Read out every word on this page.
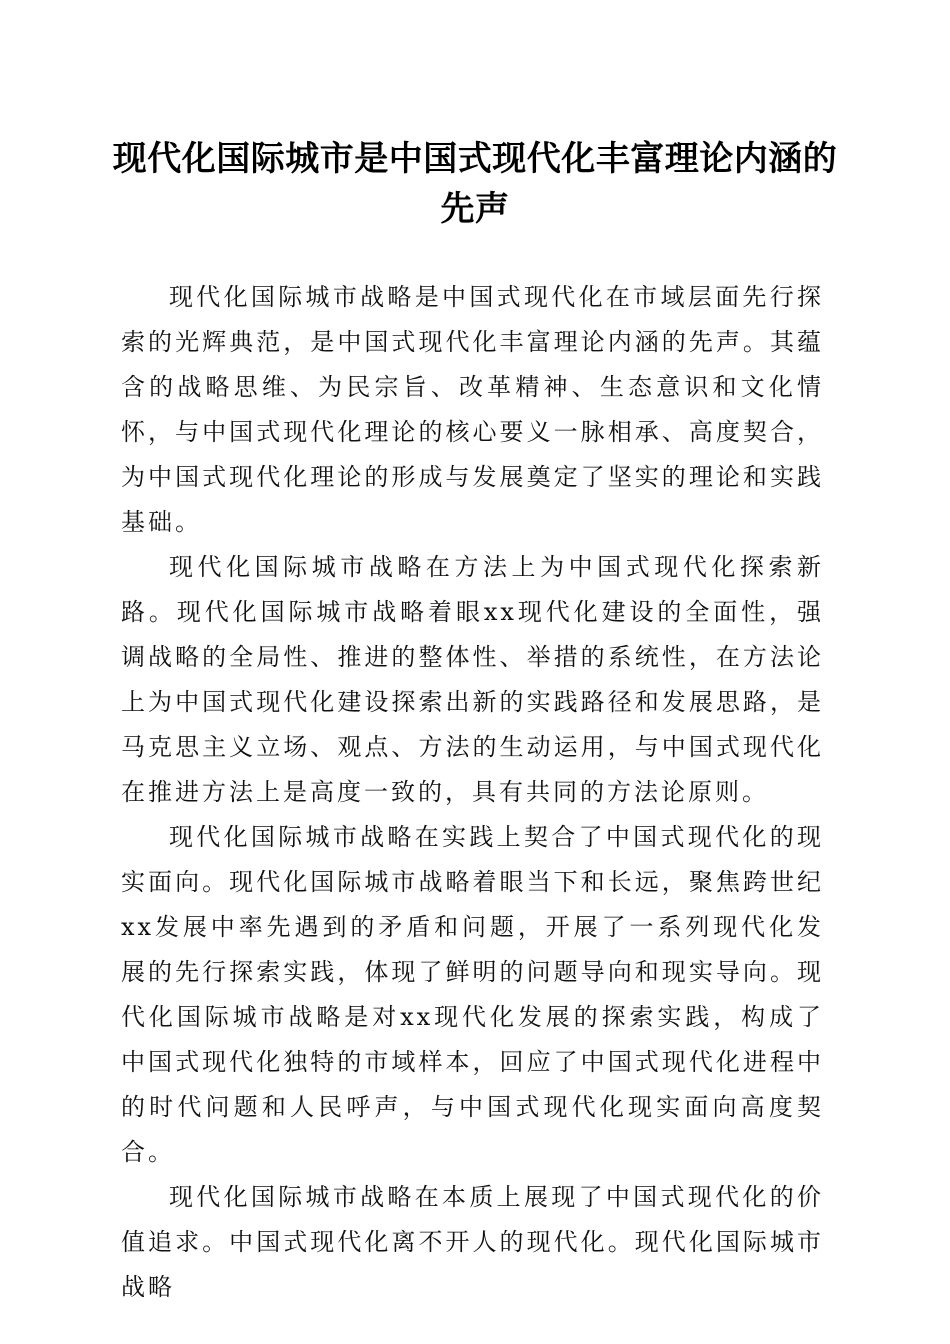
现代化国际城市是中国式现代化丰富理论内涵的先声

现代化国际城市战略是中国式现代化在市域层面先行探索的光辉典范，是中国式现代化丰富理论内涵的先声。其蕴含的战略思维、为民宗旨、改革精神、生态意识和文化情怀，与中国式现代化理论的核心要义一脉相承、高度契合，为中国式现代化理论的形成与发展奠定了坚实的理论和实践基础。

现代化国际城市战略在方法上为中国式现代化探索新路。现代化国际城市战略着眼xx现代化建设的全面性，强调战略的全局性、推进的整体性、举措的系统性，在方法论上为中国式现代化建设探索出新的实践路径和发展思路，是马克思主义立场、观点、方法的生动运用，与中国式现代化在推进方法上是高度一致的，具有共同的方法论原则。

现代化国际城市战略在实践上契合了中国式现代化的现实面向。现代化国际城市战略着眼当下和长远，聚焦跨世纪xx发展中率先遇到的矛盾和问题，开展了一系列现代化发展的先行探索实践，体现了鲜明的问题导向和现实导向。现代化国际城市战略是对xx现代化发展的探索实践，构成了中国式现代化独特的市域样本，回应了中国式现代化进程中的时代问题和人民呼声，与中国式现代化现实面向高度契合。

现代化国际城市战略在本质上展现了中国式现代化的价值追求。中国式现代化离不开人的现代化。现代化国际城市战略
